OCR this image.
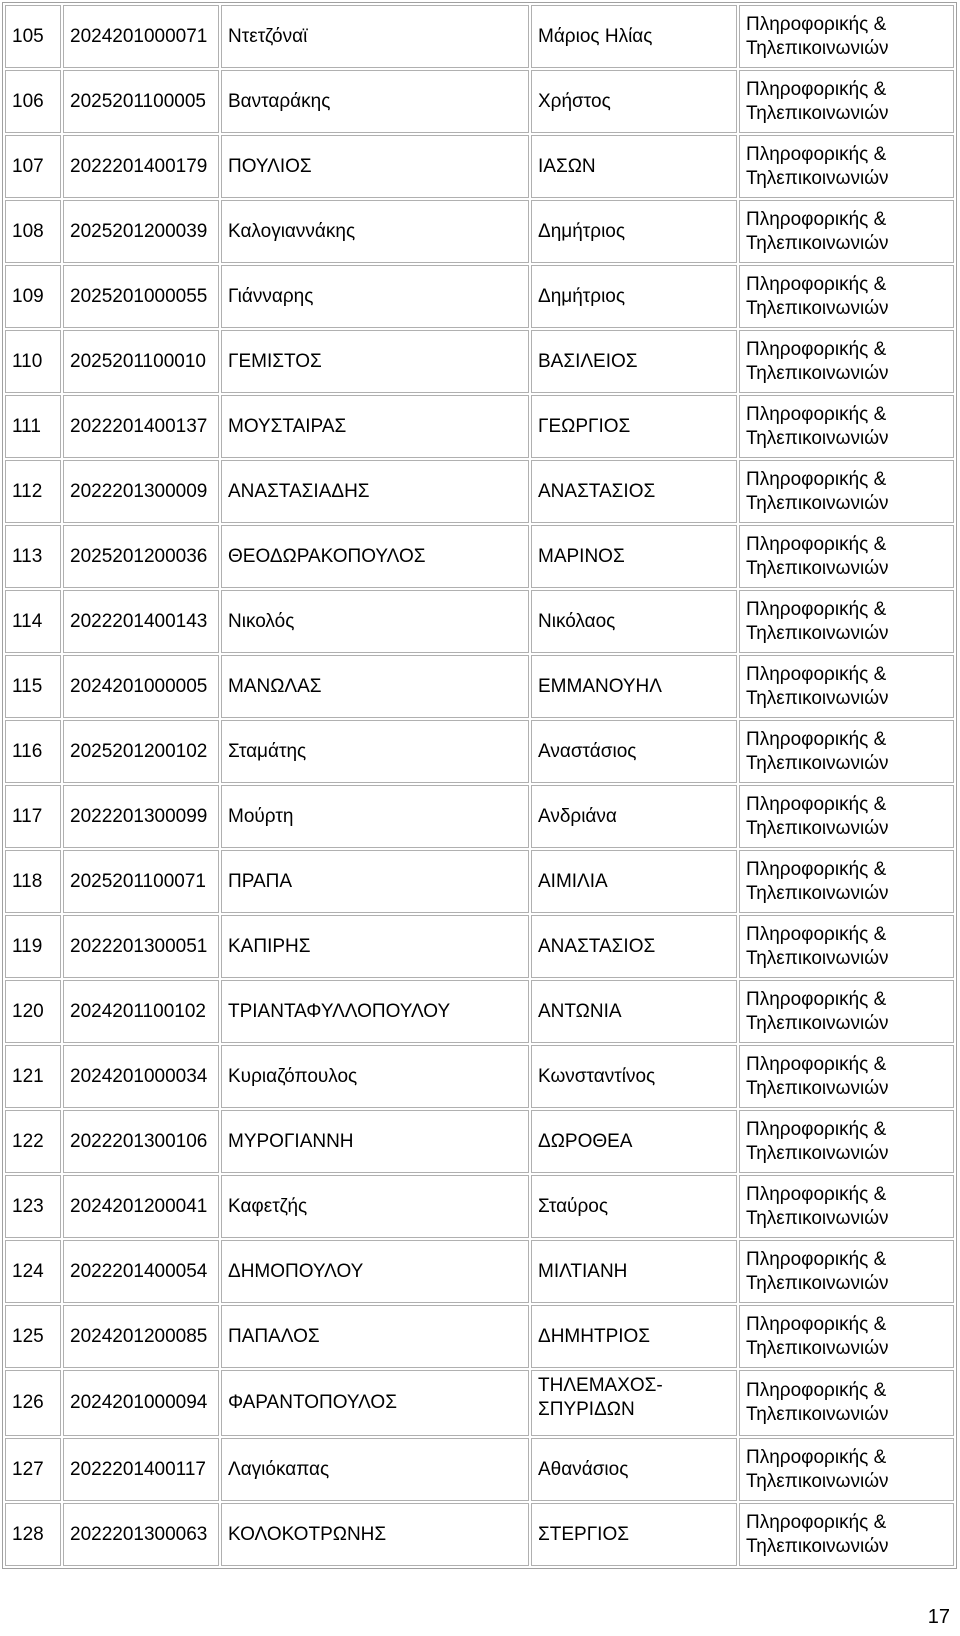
105	2024201000071	Ντετζόναϊ	Μάριος Ηλίας	Πληροφορικής & Τηλεπικοινωνιών
106	2025201100005	Βανταράκης	Χρήστος	Πληροφορικής & Τηλεπικοινωνιών
107	2022201400179	ΠΟΥΛΙΟΣ	ΙΑΣΩΝ	Πληροφορικής & Τηλεπικοινωνιών
108	2025201200039	Καλογιαννάκης	Δημήτριος	Πληροφορικής & Τηλεπικοινωνιών
109	2025201000055	Γιάνναρης	Δημήτριος	Πληροφορικής & Τηλεπικοινωνιών
110	2025201100010	ΓΕΜΙΣΤΟΣ	ΒΑΣΙΛΕΙΟΣ	Πληροφορικής & Τηλεπικοινωνιών
111	2022201400137	ΜΟΥΣΤΑΙΡΑΣ	ΓΕΩΡΓΙΟΣ	Πληροφορικής & Τηλεπικοινωνιών
112	2022201300009	ΑΝΑΣΤΑΣΙΑΔΗΣ	ΑΝΑΣΤΑΣΙΟΣ	Πληροφορικής & Τηλεπικοινωνιών
113	2025201200036	ΘΕΟΔΩΡΑΚΟΠΟΥΛΟΣ	ΜΑΡΙΝΟΣ	Πληροφορικής & Τηλεπικοινωνιών
114	2022201400143	Νικολός	Νικόλαος	Πληροφορικής & Τηλεπικοινωνιών
115	2024201000005	ΜΑΝΩΛΑΣ	ΕΜΜΑΝΟΥΗΛ	Πληροφορικής & Τηλεπικοινωνιών
116	2025201200102	Σταμάτης	Αναστάσιος	Πληροφορικής & Τηλεπικοινωνιών
117	2022201300099	Μούρτη	Ανδριάνα	Πληροφορικής & Τηλεπικοινωνιών
118	2025201100071	ΠΡΑΠΑ	ΑΙΜΙΛΙΑ	Πληροφορικής & Τηλεπικοινωνιών
119	2022201300051	ΚΑΠΙΡΗΣ	ΑΝΑΣΤΑΣΙΟΣ	Πληροφορικής & Τηλεπικοινωνιών
120	2024201100102	ΤΡΙΑΝΤΑΦΥΛΛΟΠΟΥΛΟΥ	ΑΝΤΩΝΙΑ	Πληροφορικής & Τηλεπικοινωνιών
121	2024201000034	Κυριαζόπουλος	Κωνσταντίνος	Πληροφορικής & Τηλεπικοινωνιών
122	2022201300106	ΜΥΡΟΓΙΑΝΝΗ	ΔΩΡΟΘΕΑ	Πληροφορικής & Τηλεπικοινωνιών
123	2024201200041	Καφετζής	Σταύρος	Πληροφορικής & Τηλεπικοινωνιών
124	2022201400054	ΔΗΜΟΠΟΥΛΟΥ	ΜΙΛΤΙΑΝΗ	Πληροφορικής & Τηλεπικοινωνιών
125	2024201200085	ΠΑΠΑΛΟΣ	ΔΗΜΗΤΡΙΟΣ	Πληροφορικής & Τηλεπικοινωνιών
126	2024201000094	ΦΑΡΑΝΤΟΠΟΥΛΟΣ	ΤΗΛΕΜΑΧΟΣ-ΣΠΥΡΙΔΩΝ	Πληροφορικής & Τηλεπικοινωνιών
127	2022201400117	Λαγιόκαπας	Αθανάσιος	Πληροφορικής & Τηλεπικοινωνιών
128	2022201300063	ΚΟΛΟΚΟΤΡΩΝΗΣ	ΣΤΕΡΓΙΟΣ	Πληροφορικής & Τηλεπικοινωνιών
17
